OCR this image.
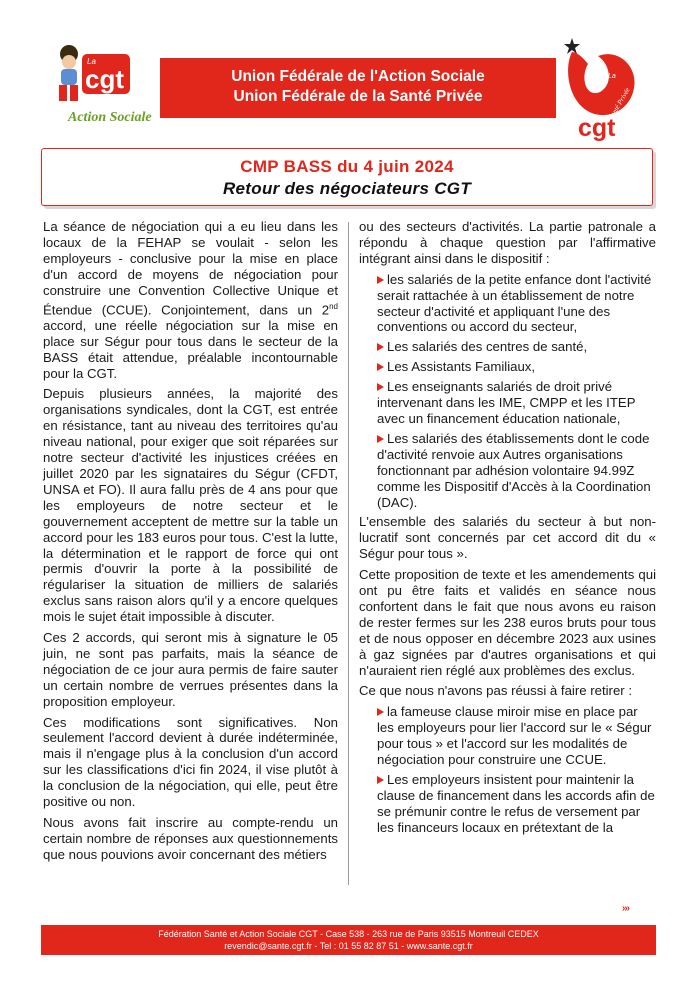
La
cgt
Action Sociale
Union Fédérale de l'Action Sociale
Union Fédérale de la Santé Privée
La
Santé Privée
cgt
CMP BASS du 4 juin 2024
Retour des négociateurs CGT

La séance de négociation qui a eu lieu dans les locaux de la FEHAP se voulait - selon les employeurs - conclusive pour la mise en place d'un accord de moyens de négociation pour construire une Convention Collective Unique et Étendue (CCUE). Conjointement, dans un 2nd accord, une réelle négociation sur la mise en place sur Ségur pour tous dans le secteur de la BASS était attendue, préalable incontournable pour la CGT.

Depuis plusieurs années, la majorité des organisations syndicales, dont la CGT, est entrée en résistance, tant au niveau des territoires qu'au niveau national, pour exiger que soit réparées sur notre secteur d'activité les injustices créées en juillet 2020 par les signataires du Ségur (CFDT, UNSA et FO). Il aura fallu près de 4 ans pour que les employeurs de notre secteur et le gouvernement acceptent de mettre sur la table un accord pour les 183 euros pour tous. C'est la lutte, la détermination et le rapport de force qui ont permis d'ouvrir la porte à la possibilité de régulariser la situation de milliers de salariés exclus sans raison alors qu'il y a encore quelques mois le sujet était impossible à discuter.

Ces 2 accords, qui seront mis à signature le 05 juin, ne sont pas parfaits, mais la séance de négociation de ce jour aura permis de faire sauter un certain nombre de verrues présentes dans la proposition employeur.

Ces modifications sont significatives. Non seulement l'accord devient à durée indéterminée, mais il n'engage plus à la conclusion d'un accord sur les classifications d'ici fin 2024, il vise plutôt à la conclusion de la négociation, qui elle, peut être positive ou non.

Nous avons fait inscrire au compte-rendu un certain nombre de réponses aux questionnements que nous pouvions avoir concernant des métiers

ou des secteurs d'activités. La partie patronale a répondu à chaque question par l'affirmative intégrant ainsi dans le dispositif :

les salariés de la petite enfance dont l'activité serait rattachée à un établissement de notre secteur d'activité et appliquant l'une des conventions ou accord du secteur,
Les salariés des centres de santé,
Les Assistants Familiaux,
Les enseignants salariés de droit privé intervenant dans les IME, CMPP et les ITEP avec un financement éducation nationale,
Les salariés des établissements dont le code d'activité renvoie aux Autres organisations fonctionnant par adhésion volontaire 94.99Z comme les Dispositif d'Accès à la Coordination (DAC).

L'ensemble des salariés du secteur à but non-lucratif sont concernés par cet accord dit du « Ségur pour tous ».

Cette proposition de texte et les amendements qui ont pu être faits et validés en séance nous confortent dans le fait que nous avons eu raison de rester fermes sur les 238 euros bruts pour tous et de nous opposer en décembre 2023 aux usines à gaz signées par d'autres organisations et qui n'auraient rien réglé aux problèmes des exclus.

Ce que nous n'avons pas réussi à faire retirer :

la fameuse clause miroir mise en place par les employeurs pour lier l'accord sur le « Ségur pour tous » et l'accord sur les modalités de négociation pour construire une CCUE.
Les employeurs insistent pour maintenir la clause de financement dans les accords afin de se prémunir contre le refus de versement par les financeurs locaux en prétextant de la
›››
Fédération Santé et Action Sociale CGT - Case 538 - 263 rue de Paris 93515 Montreuil CEDEX
revendic@sante.cgt.fr - Tel : 01 55 82 87 51 - www.sante.cgt.fr
